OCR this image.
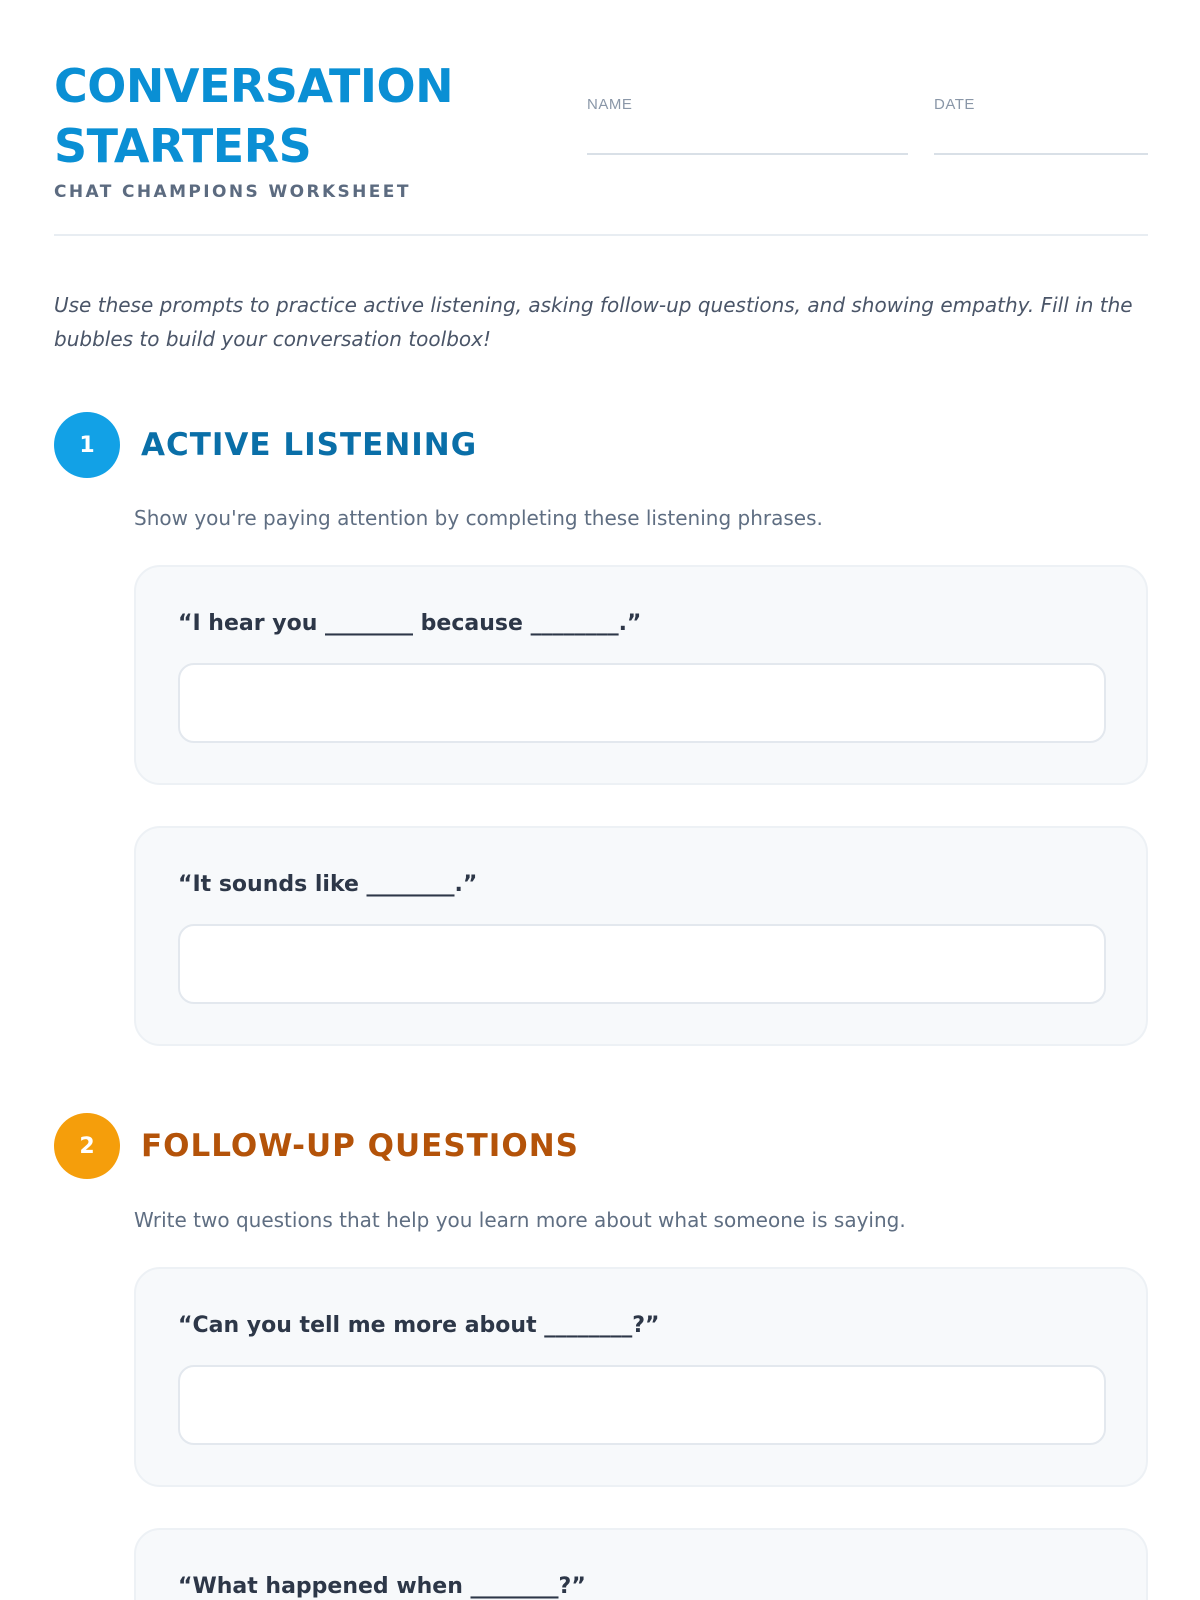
CONVERSATION STARTERS
CHAT CHAMPIONS WORKSHEET
NAME	DATE
Use these prompts to practice active listening, asking follow-up questions, and showing empathy. Fill in the bubbles to build your conversation toolbox!
1	ACTIVE LISTENING
Show you're paying attention by completing these listening phrases.
“I hear you ________ because ________.”
“It sounds like ________.”
2	FOLLOW-UP QUESTIONS
Write two questions that help you learn more about what someone is saying.
“Can you tell me more about ________?”
“What happened when ________?”
